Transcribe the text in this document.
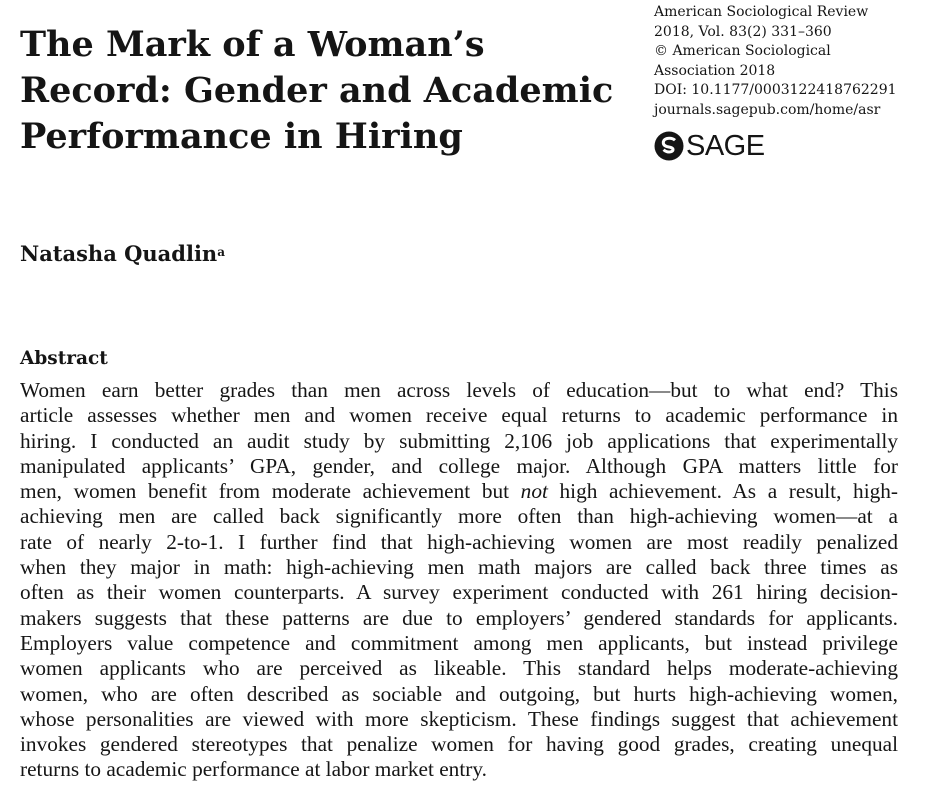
The Mark of a Woman’s
Record: Gender and Academic
Performance in Hiring
American Sociological Review
2018, Vol. 83(2) 331–360
© American Sociological
Association 2018
DOI: 10.1177/0003122418762291
journals.sagepub.com/home/asr
SAGE
Natasha Quadlin$^a$
Abstract
Women earn better grades than men across levels of education—but to what end? This
article assesses whether men and women receive equal returns to academic performance in
hiring. I conducted an audit study by submitting 2,106 job applications that experimentally
manipulated applicants’ GPA, gender, and college major. Although GPA matters little for
men, women benefit from moderate achievement but not high achievement. As a result, high-
achieving men are called back significantly more often than high-achieving women—at a
rate of nearly 2-to-1. I further find that high-achieving women are most readily penalized
when they major in math: high-achieving men math majors are called back three times as
often as their women counterparts. A survey experiment conducted with 261 hiring decision-
makers suggests that these patterns are due to employers’ gendered standards for applicants.
Employers value competence and commitment among men applicants, but instead privilege
women applicants who are perceived as likeable. This standard helps moderate-achieving
women, who are often described as sociable and outgoing, but hurts high-achieving women,
whose personalities are viewed with more skepticism. These findings suggest that achievement
invokes gendered stereotypes that penalize women for having good grades, creating unequal
returns to academic performance at labor market entry.
